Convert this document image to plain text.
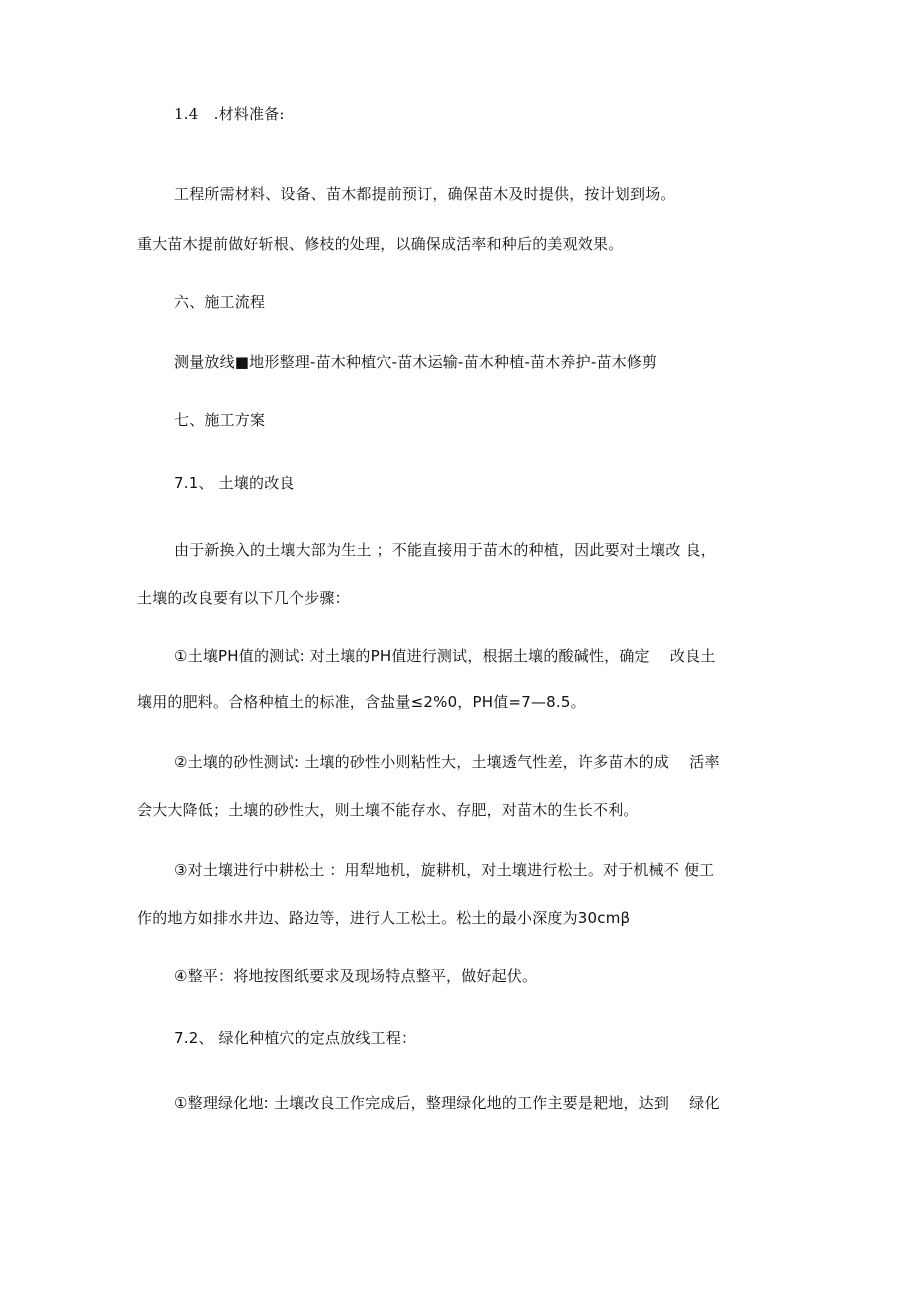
1.4　.材料准备:
工程所需材料、设备、苗木都提前预订，确保苗木及时提供，按计划到场。
重大苗木提前做好斩根、修枝的处理，以确保成活率和种后的美观效果。
六、施工流程
测量放线■地形整理-苗木种植穴-苗木运输-苗木种植-苗木养护-苗木修剪
七、施工方案
7.1、 土壤的改良
由于新换入的土壤大部为生土 ；不能直接用于苗木的种植，因此要对土壤改 良，
土壤的改良要有以下几个步骤：
①土壤PH值的测试: 对土壤的PH值进行测试，根据土壤的酸碱性，确定　 改良土
壤用的肥料。合格种植土的标准，含盐量≤2%0，PH值=7—8.5。
②土壤的砂性测试: 土壤的砂性小则粘性大，土壤透气性差，许多苗木的成　 活率
会大大降低；土壤的砂性大，则土壤不能存水、存肥，对苗木的生长不利。
③对土壤进行中耕松土 ：用犁地机，旋耕机，对土壤进行松土。对于机械不 便工
作的地方如排水井边、路边等，进行人工松土。松土的最小深度为30cmβ
④整平：将地按图纸要求及现场特点整平，做好起伏。
7.2、 绿化种植穴的定点放线工程：
①整理绿化地: 土壤改良工作完成后，整理绿化地的工作主要是耙地，达到　 绿化
